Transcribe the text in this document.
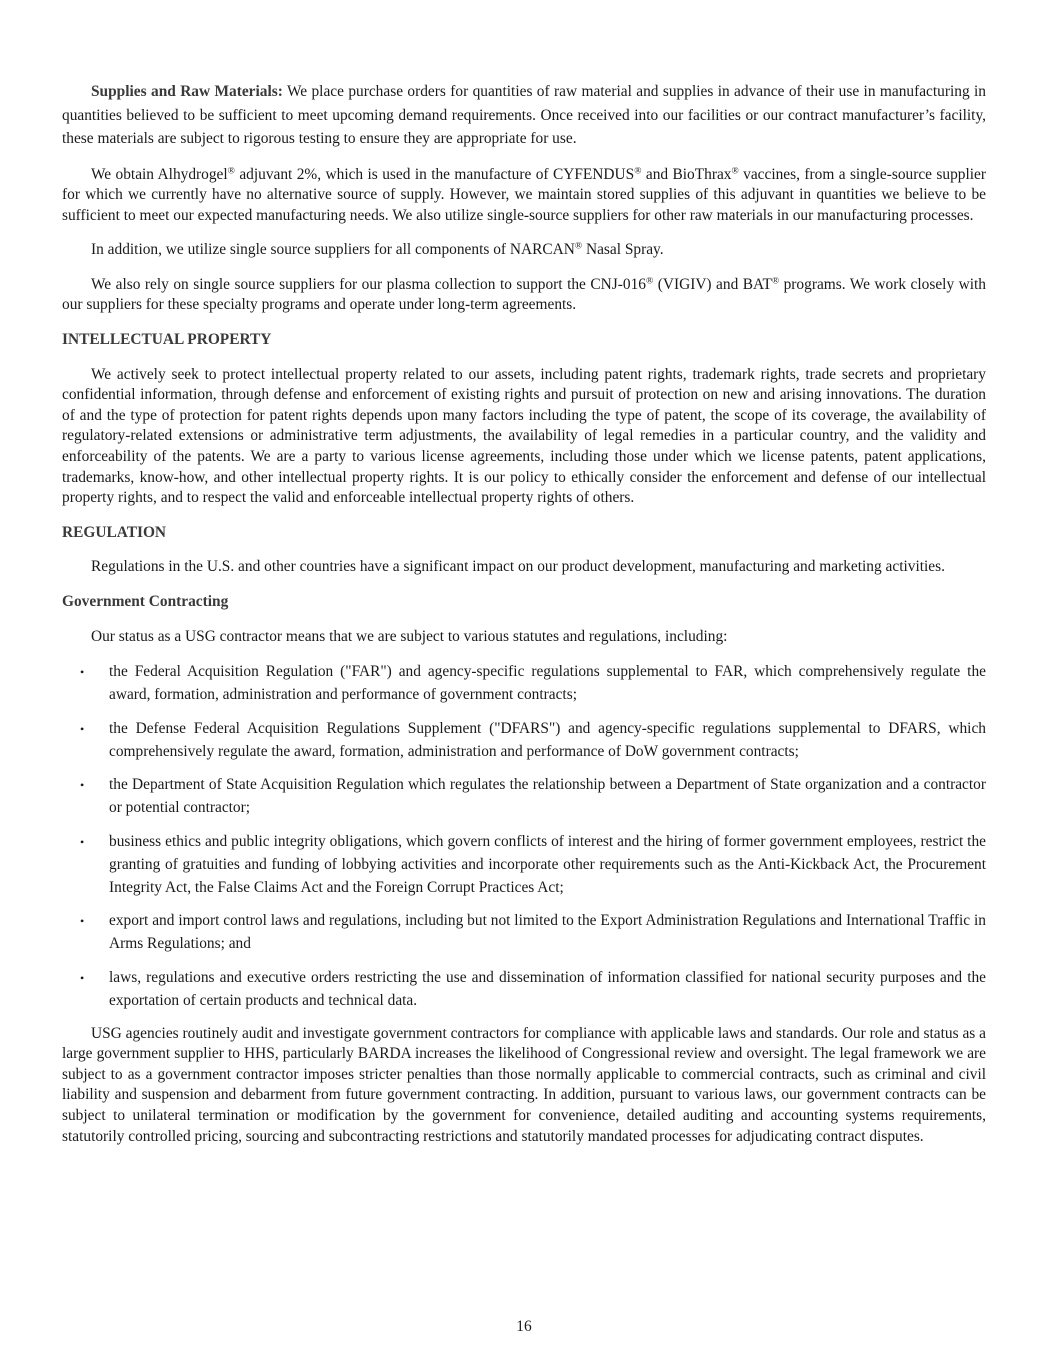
Supplies and Raw Materials: We place purchase orders for quantities of raw material and supplies in advance of their use in manufacturing in quantities believed to be sufficient to meet upcoming demand requirements. Once received into our facilities or our contract manufacturer’s facility, these materials are subject to rigorous testing to ensure they are appropriate for use.

We obtain Alhydrogel® adjuvant 2%, which is used in the manufacture of CYFENDUS® and BioThrax® vaccines, from a single-source supplier for which we currently have no alternative source of supply. However, we maintain stored supplies of this adjuvant in quantities we believe to be sufficient to meet our expected manufacturing needs. We also utilize single-source suppliers for other raw materials in our manufacturing processes.

In addition, we utilize single source suppliers for all components of NARCAN® Nasal Spray.

We also rely on single source suppliers for our plasma collection to support the CNJ-016® (VIGIV) and BAT® programs. We work closely with our suppliers for these specialty programs and operate under long-term agreements.

INTELLECTUAL PROPERTY

We actively seek to protect intellectual property related to our assets, including patent rights, trademark rights, trade secrets and proprietary confidential information, through defense and enforcement of existing rights and pursuit of protection on new and arising innovations. The duration of and the type of protection for patent rights depends upon many factors including the type of patent, the scope of its coverage, the availability of regulatory-related extensions or administrative term adjustments, the availability of legal remedies in a particular country, and the validity and enforceability of the patents. We are a party to various license agreements, including those under which we license patents, patent applications, trademarks, know-how, and other intellectual property rights. It is our policy to ethically consider the enforcement and defense of our intellectual property rights, and to respect the valid and enforceable intellectual property rights of others.

REGULATION

Regulations in the U.S. and other countries have a significant impact on our product development, manufacturing and marketing activities.

Government Contracting

Our status as a USG contractor means that we are subject to various statutes and regulations, including:

• the Federal Acquisition Regulation ("FAR") and agency-specific regulations supplemental to FAR, which comprehensively regulate the award, formation, administration and performance of government contracts;
• the Defense Federal Acquisition Regulations Supplement ("DFARS") and agency-specific regulations supplemental to DFARS, which comprehensively regulate the award, formation, administration and performance of DoW government contracts;
• the Department of State Acquisition Regulation which regulates the relationship between a Department of State organization and a contractor or potential contractor;
• business ethics and public integrity obligations, which govern conflicts of interest and the hiring of former government employees, restrict the granting of gratuities and funding of lobbying activities and incorporate other requirements such as the Anti-Kickback Act, the Procurement Integrity Act, the False Claims Act and the Foreign Corrupt Practices Act;
• export and import control laws and regulations, including but not limited to the Export Administration Regulations and International Traffic in Arms Regulations; and
• laws, regulations and executive orders restricting the use and dissemination of information classified for national security purposes and the exportation of certain products and technical data.

USG agencies routinely audit and investigate government contractors for compliance with applicable laws and standards. Our role and status as a large government supplier to HHS, particularly BARDA increases the likelihood of Congressional review and oversight. The legal framework we are subject to as a government contractor imposes stricter penalties than those normally applicable to commercial contracts, such as criminal and civil liability and suspension and debarment from future government contracting. In addition, pursuant to various laws, our government contracts can be subject to unilateral termination or modification by the government for convenience, detailed auditing and accounting systems requirements, statutorily controlled pricing, sourcing and subcontracting restrictions and statutorily mandated processes for adjudicating contract disputes.

16
